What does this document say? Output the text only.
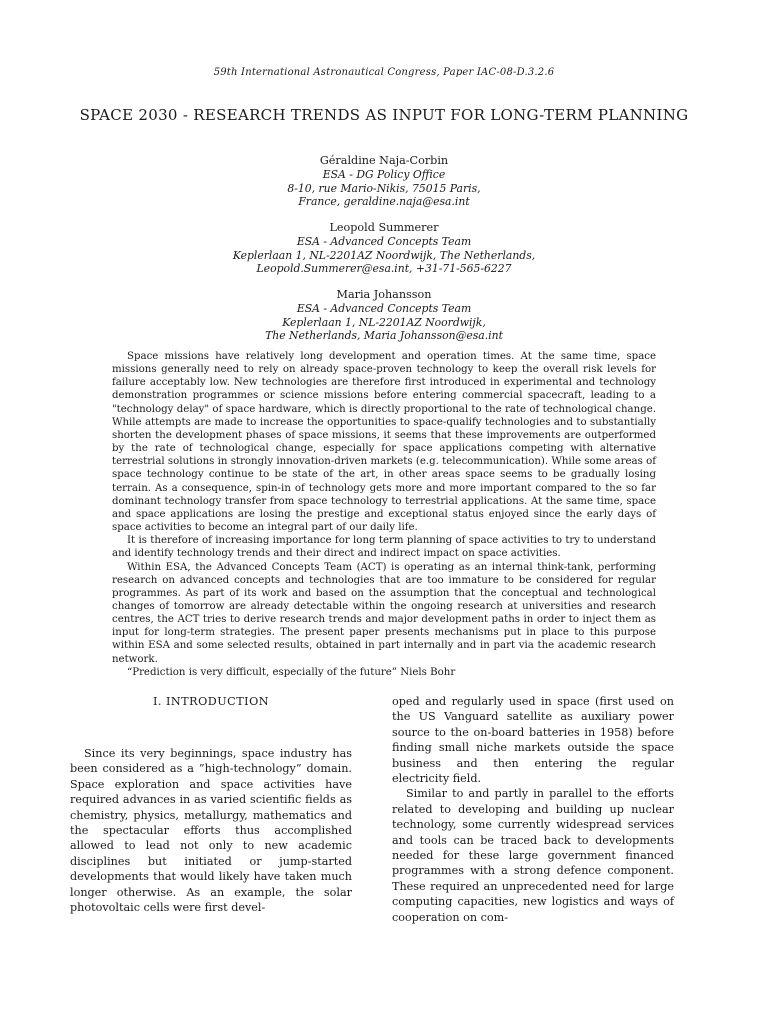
59th International Astronautical Congress, Paper IAC-08-D.3.2.6
SPACE 2030 - RESEARCH TRENDS AS INPUT FOR LONG-TERM PLANNING
Géraldine Naja-Corbin
ESA - DG Policy Office
8-10, rue Mario-Nikis, 75015 Paris,
France, geraldine.naja@esa.int
Leopold Summerer
ESA - Advanced Concepts Team
Keplerlaan 1, NL-2201AZ Noordwijk, The Netherlands,
Leopold.Summerer@esa.int, +31-71-565-6227
Maria Johansson
ESA - Advanced Concepts Team
Keplerlaan 1, NL-2201AZ Noordwijk,
The Netherlands, Maria Johansson@esa.int

Space missions have relatively long development and operation times. At the same time, space missions generally need to rely on already space-proven technology to keep the overall risk levels for failure acceptably low. New technologies are therefore first introduced in experimental and technology demonstration programmes or science missions before entering commercial spacecraft, leading to a "technology delay" of space hardware, which is directly proportional to the rate of technological change. While attempts are made to increase the opportunities to space-qualify technologies and to substantially shorten the development phases of space missions, it seems that these improvements are outperformed by the rate of technological change, especially for space applications competing with alternative terrestrial solutions in strongly innovation-driven markets (e.g. telecommunication). While some areas of space technology continue to be state of the art, in other areas space seems to be gradually losing terrain. As a consequence, spin-in of technology gets more and more important compared to the so far dominant technology transfer from space technology to terrestrial applications. At the same time, space and space applications are losing the prestige and exceptional status enjoyed since the early days of space activities to become an integral part of our daily life.

It is therefore of increasing importance for long term planning of space activities to try to understand and identify technology trends and their direct and indirect impact on space activities.

Within ESA, the Advanced Concepts Team (ACT) is operating as an internal think-tank, performing research on advanced concepts and technologies that are too immature to be considered for regular programmes. As part of its work and based on the assumption that the conceptual and technological changes of tomorrow are already detectable within the ongoing research at universities and research centres, the ACT tries to derive research trends and major development paths in order to inject them as input for long-term strategies. The present paper presents mechanisms put in place to this purpose within ESA and some selected results, obtained in part internally and in part via the academic research network.

“Prediction is very difficult, especially of the future” Niels Bohr

I. INTRODUCTION

Since its very beginnings, space industry has been considered as a ”high-technology” domain. Space exploration and space activities have required advances in as varied scientific fields as chemistry, physics, metallurgy, mathematics and the spectacular efforts thus accomplished allowed to lead not only to new academic disciplines but initiated or jump-started developments that would likely have taken much longer otherwise. As an example, the solar photovoltaic cells were first devel-

oped and regularly used in space (first used on the US Vanguard satellite as auxiliary power source to the on-board batteries in 1958) before finding small niche markets outside the space business and then entering the regular electricity field.

Similar to and partly in parallel to the efforts related to developing and building up nuclear technology, some currently widespread services and tools can be traced back to developments needed for these large government financed programmes with a strong defence component. These required an unprecedented need for large computing capacities, new logistics and ways of cooperation on com-
